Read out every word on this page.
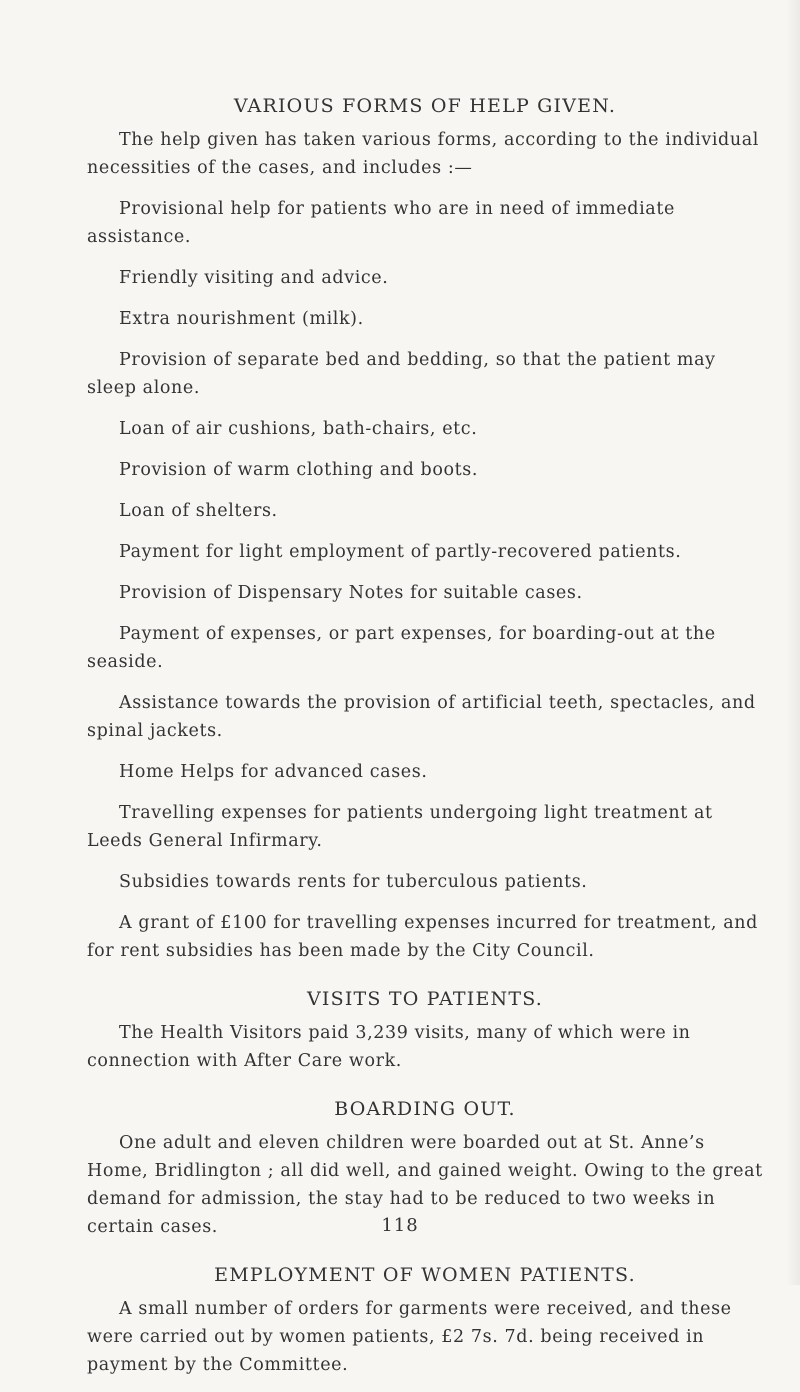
VARIOUS FORMS OF HELP GIVEN.

The help given has taken various forms, according to the individual necessities of the cases, and includes :—

Provisional help for patients who are in need of immediate assistance.
Friendly visiting and advice.
Extra nourishment (milk).
Provision of separate bed and bedding, so that the patient may sleep alone.
Loan of air cushions, bath-chairs, etc.
Provision of warm clothing and boots.
Loan of shelters.
Payment for light employment of partly-recovered patients.
Provision of Dispensary Notes for suitable cases.
Payment of expenses, or part expenses, for boarding-out at the seaside.
Assistance towards the provision of artificial teeth, spectacles, and spinal jackets.
Home Helps for advanced cases.
Travelling expenses for patients undergoing light treatment at Leeds General Infirmary.
Subsidies towards rents for tuberculous patients.
A grant of £100 for travelling expenses incurred for treatment, and for rent subsidies has been made by the City Council.
VISITS TO PATIENTS.

The Health Visitors paid 3,239 visits, many of which were in connection with After Care work.

BOARDING OUT.

One adult and eleven children were boarded out at St. Anne’s Home, Bridlington ; all did well, and gained weight. Owing to the great demand for admission, the stay had to be reduced to two weeks in certain cases.

EMPLOYMENT OF WOMEN PATIENTS.

A small number of orders for garments were received, and these were carried out by women patients, £2 7s. 7d. being received in payment by the Committee.

118
